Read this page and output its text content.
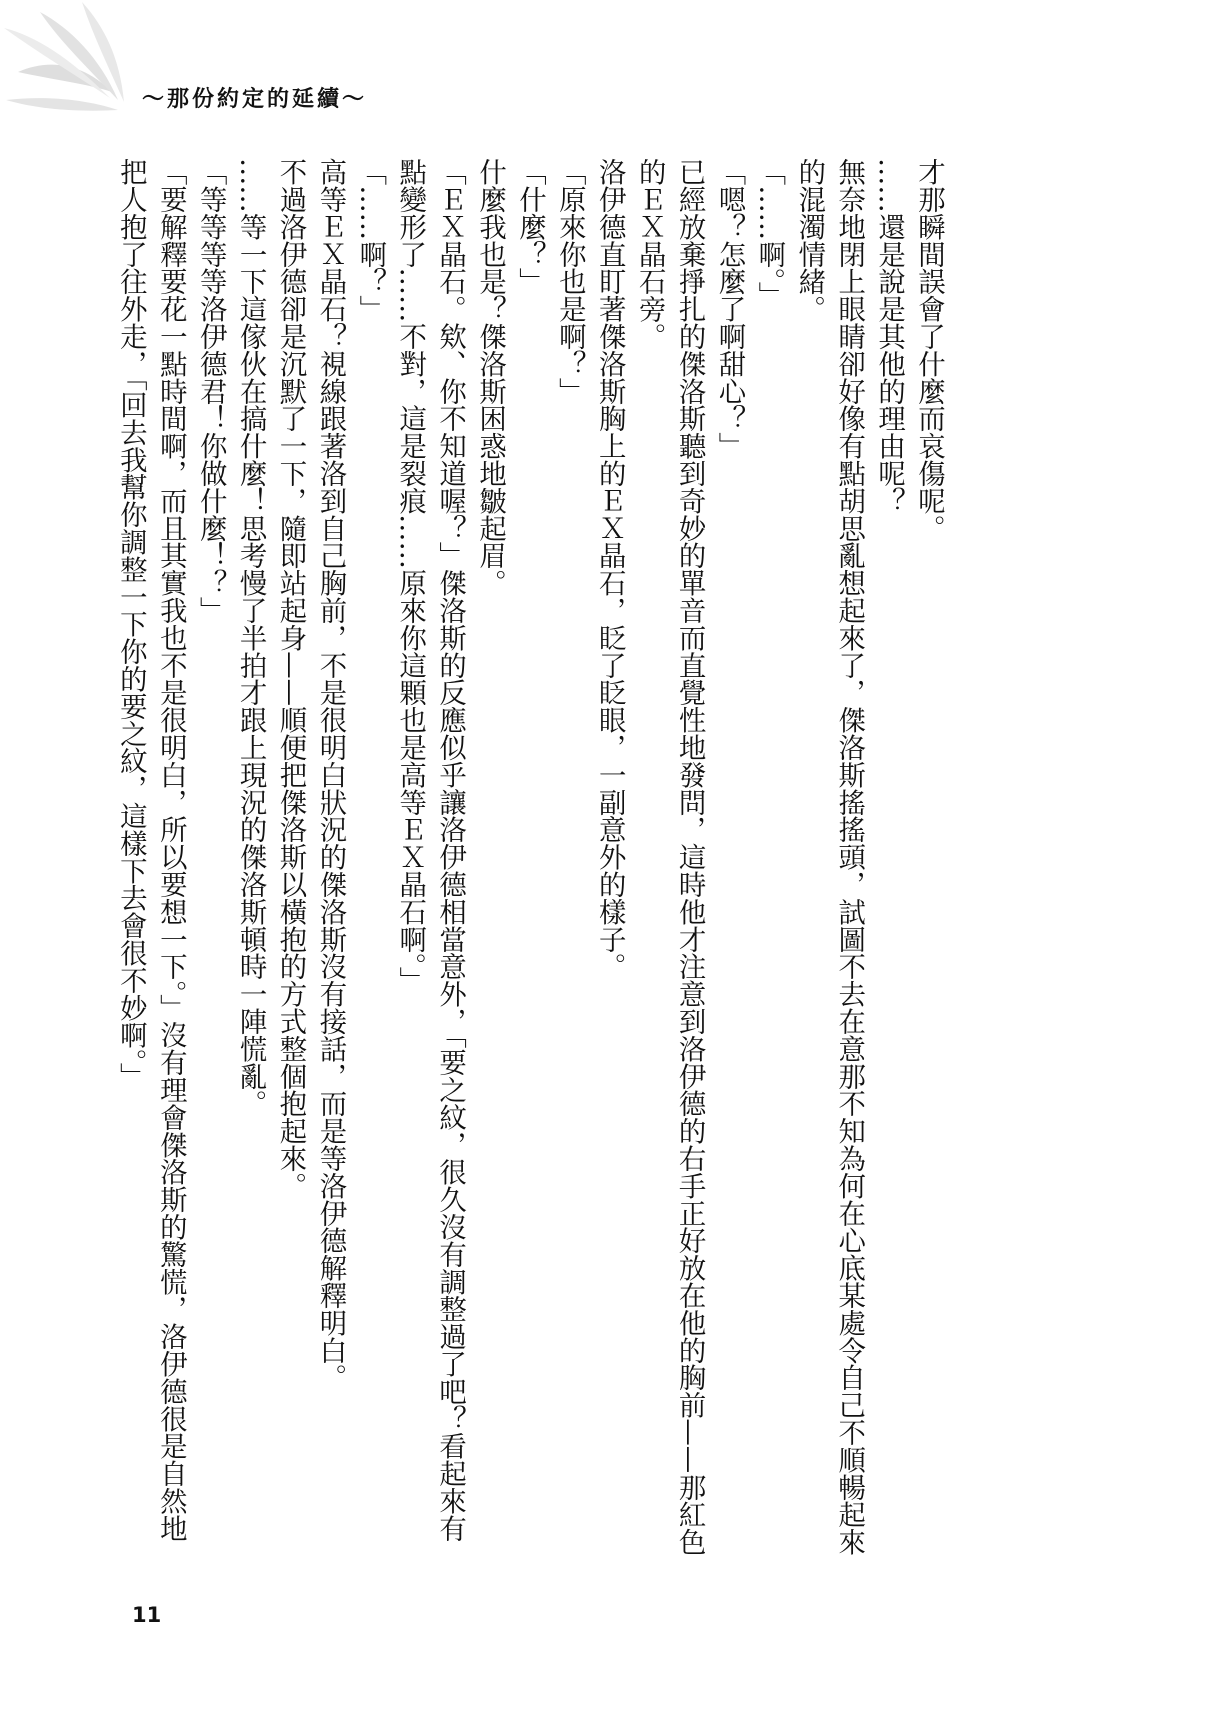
～那份約定的延續～

才那瞬間誤會了什麼而哀傷呢。

……還是說是其他的理由呢？

無奈地閉上眼睛卻好像有點胡思亂想起來了，傑洛斯搖搖頭，試圖不去在意那不知為何在心底某處令自己不順暢起來的混濁情緒。

「……啊。」

「嗯？怎麼了啊甜心？」

已經放棄掙扎的傑洛斯聽到奇妙的單音而直覺性地發問，這時他才注意到洛伊德的右手正好放在他的胸前——那紅色的ＥＸ晶石旁。

洛伊德直盯著傑洛斯胸上的ＥＸ晶石，眨了眨眼，一副意外的樣子。

「原來你也是啊？」

「什麼？」

什麼我也是？傑洛斯困惑地皺起眉。

「ＥＸ晶石。欸、你不知道喔？」傑洛斯的反應似乎讓洛伊德相當意外，「要之紋，很久沒有調整過了吧？看起來有點變形了……不對，這是裂痕……原來你這顆也是高等ＥＸ晶石啊。」

「……啊？」

高等ＥＸ晶石？視線跟著洛到自己胸前，不是很明白狀況的傑洛斯沒有接話，而是等洛伊德解釋明白。

不過洛伊德卻是沉默了一下，隨即站起身——順便把傑洛斯以橫抱的方式整個抱起來。

……等一下這傢伙在搞什麼！思考慢了半拍才跟上現況的傑洛斯頓時一陣慌亂。

「等等等等洛伊德君！你做什麼！？」

「要解釋要花一點時間啊，而且其實我也不是很明白，所以要想一下。」沒有理會傑洛斯的驚慌，洛伊德很是自然地把人抱了往外走，「回去我幫你調整一下你的要之紋，這樣下去會很不妙啊。」

11
